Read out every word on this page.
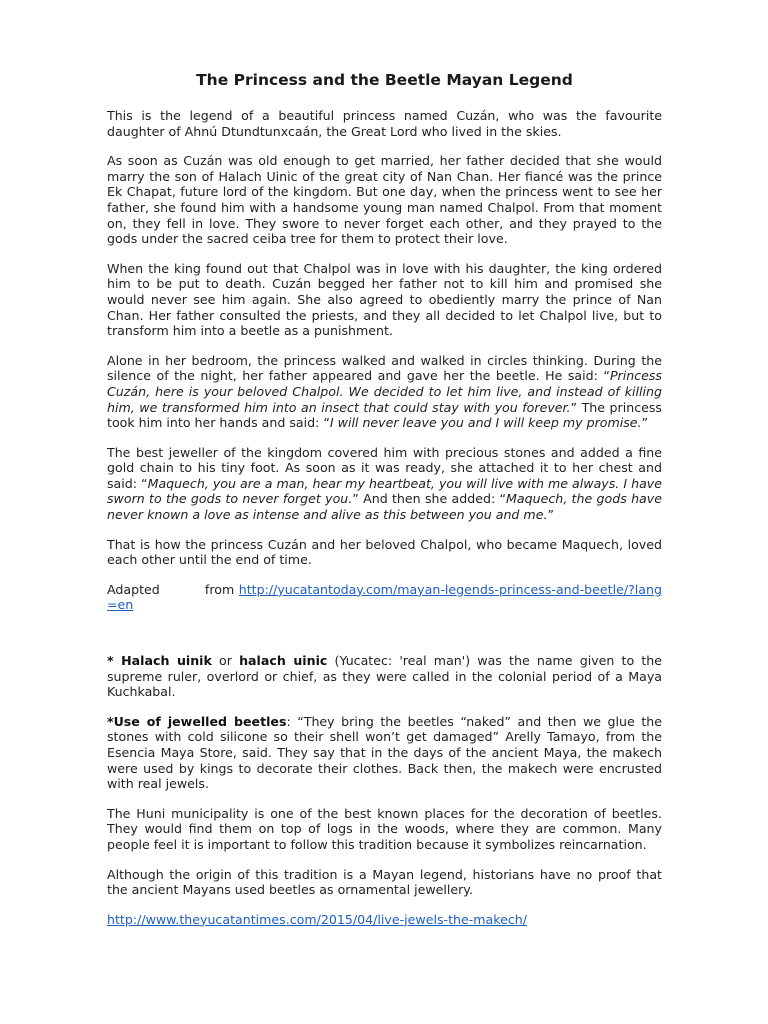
The Princess and the Beetle Mayan Legend

This is the legend of a beautiful princess named Cuzán, who was the favourite daughter of Ahnú Dtundtunxcaán, the Great Lord who lived in the skies.

As soon as Cuzán was old enough to get married, her father decided that she would marry the son of Halach Uinic of the great city of Nan Chan. Her fiancé was the prince Ek Chapat, future lord of the kingdom. But one day, when the princess went to see her father, she found him with a handsome young man named Chalpol. From that moment on, they fell in love. They swore to never forget each other, and they prayed to the gods under the sacred ceiba tree for them to protect their love.

When the king found out that Chalpol was in love with his daughter, the king ordered him to be put to death. Cuzán begged her father not to kill him and promised she would never see him again. She also agreed to obediently marry the prince of Nan Chan. Her father consulted the priests, and they all decided to let Chalpol live, but to transform him into a beetle as a punishment.

Alone in her bedroom, the princess walked and walked in circles thinking. During the silence of the night, her father appeared and gave her the beetle. He said: “Princess Cuzán, here is your beloved Chalpol. We decided to let him live, and instead of killing him, we transformed him into an insect that could stay with you forever.” The princess took him into her hands and said: “I will never leave you and I will keep my promise.”

The best jeweller of the kingdom covered him with precious stones and added a fine gold chain to his tiny foot. As soon as it was ready, she attached it to her chest and said: “Maquech, you are a man, hear my heartbeat, you will live with me always. I have sworn to the gods to never forget you.” And then she added: “Maquech, the gods have never known a love as intense and alive as this between you and me.”

That is how the princess Cuzán and her beloved Chalpol, who became Maquech, loved each other until the end of time.

Adapted          from http://yucatantoday.com/mayan-legends-princess-and-beetle/?lang=en

* Halach uinik or halach uinic (Yucatec: 'real man') was the name given to the supreme ruler, overlord or chief, as they were called in the colonial period of a Maya Kuchkabal.

*Use of jewelled beetles: “They bring the beetles “naked” and then we glue the stones with cold silicone so their shell won’t get damaged” Arelly Tamayo, from the Esencia Maya Store, said. They say that in the days of the ancient Maya, the makech were used by kings to decorate their clothes. Back then, the makech were encrusted with real jewels.

The Huni municipality is one of the best known places for the decoration of beetles. They would find them on top of logs in the woods, where they are common. Many people feel it is important to follow this tradition because it symbolizes reincarnation.

Although the origin of this tradition is a Mayan legend, historians have no proof that the ancient Mayans used beetles as ornamental jewellery.

http://www.theyucatantimes.com/2015/04/live-jewels-the-makech/
